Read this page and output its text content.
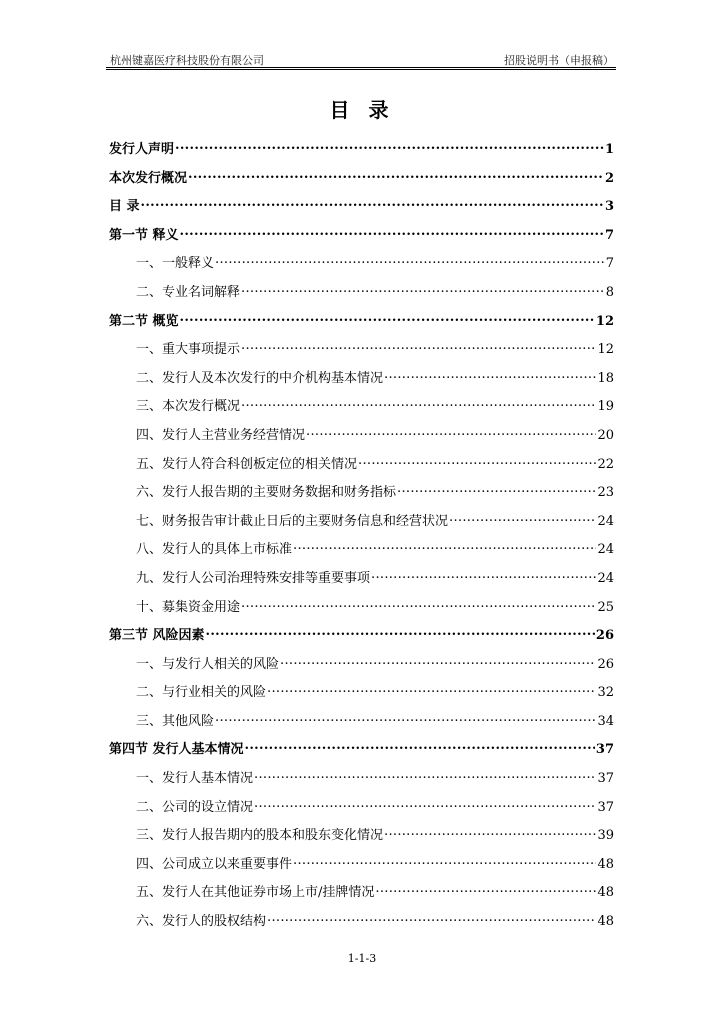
杭州键嘉医疗科技股份有限公司	招股说明书（申报稿）
目 录
发行人声明 .....	1
本次发行概况 .....	2
目 录 .....	3
第一节 释义 .....	7
一、一般释义 .....	7
二、专业名词解释 .....	8
第二节 概览 .....	12
一、重大事项提示 .....	12
二、发行人及本次发行的中介机构基本情况 .....	18
三、本次发行概况 .....	19
四、发行人主营业务经营情况 .....	20
五、发行人符合科创板定位的相关情况 .....	22
六、发行人报告期的主要财务数据和财务指标 .....	23
七、财务报告审计截止日后的主要财务信息和经营状况 .....	24
八、发行人的具体上市标准 .....	24
九、发行人公司治理特殊安排等重要事项 .....	24
十、募集资金用途 .....	25
第三节 风险因素 .....	26
一、与发行人相关的风险 .....	26
二、与行业相关的风险 .....	32
三、其他风险 .....	34
第四节 发行人基本情况 .....	37
一、发行人基本情况 .....	37
二、公司的设立情况 .....	37
三、发行人报告期内的股本和股东变化情况 .....	39
四、公司成立以来重要事件 .....	48
五、发行人在其他证券市场上市/挂牌情况 .....	48
六、发行人的股权结构 .....	48
1-1-3
